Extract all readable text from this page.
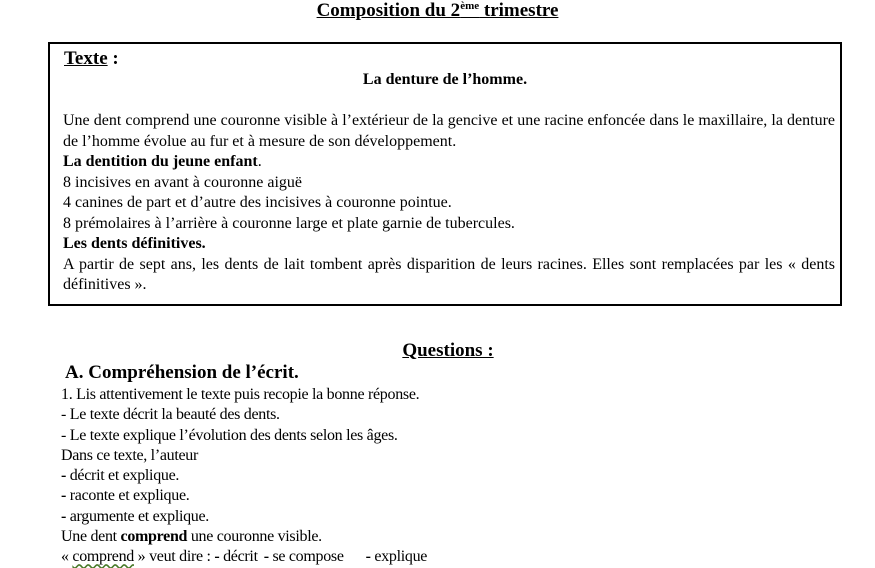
Composition du 2ème trimestre
Texte :
La denture de l’homme.

Une dent comprend une couronne visible à l’extérieur de la gencive et une racine enfoncée dans le maxillaire, la denture de l’homme évolue au fur et à mesure de son développement.

La dentition du jeune enfant.

8 incisives en avant à couronne aiguë

4 canines de part et d’autre des incisives à couronne pointue.

8 prémolaires à l’arrière à couronne large et plate garnie de tubercules.

Les dents définitives.

A partir de sept ans, les dents de lait tombent après disparition de leurs racines. Elles sont remplacées par les « dents définitives ».

Questions :
A. Compréhension de l’écrit.

1. Lis attentivement le texte puis recopie la bonne réponse.

- Le texte décrit la beauté des dents.

- Le texte explique l’évolution des dents selon les âges.

Dans ce texte, l’auteur

- décrit et explique.

- raconte et explique.

- argumente et explique.

Une dent comprend une couronne visible.

« comprend » veut dire : - décrit - se compose - explique
